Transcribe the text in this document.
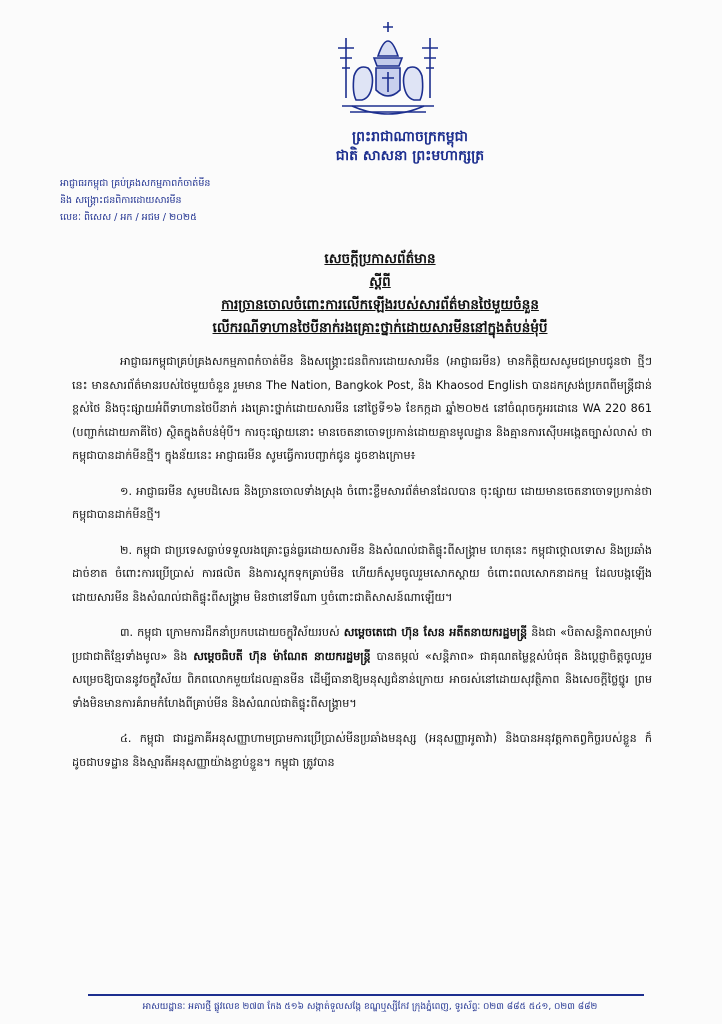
ព្រះរាជាណាចក្រកម្ពុជា
ជាតិ សាសនា ព្រះមហាក្សត្រ
អាជ្ញាធរកម្ពុជា គ្រប់គ្រងសកម្មភាពកំចាត់មីន
និង សង្គ្រោះជនពិការដោយសារមីន
លេខៈ ពិសេស / អក / អជម / ២០២៥
សេចក្តីប្រកាសព័ត៌មាន
ស្តីពី
ការច្រានចោលចំពោះការលើកឡើងរបស់សារព័ត៌មានថៃមួយចំនួន
លើករណីទាហានថៃបីនាក់រងគ្រោះថ្នាក់ដោយសារមីននៅក្នុងតំបន់មុំបី

អាជ្ញាធរកម្ពុជាគ្រប់គ្រងសកម្មភាពកំចាត់មីន និងសង្គ្រោះជនពិការដោយសារមីន (អាជ្ញាធរមីន) មានកិត្តិយសសូមជម្រាបជូនថា ថ្មីៗនេះ មានសារព័ត៌មានរបស់ថៃមួយចំនួន រួមមាន The Nation, Bangkok Post, និង Khaosod English បានដកស្រង់ប្រភពពីមន្ត្រីជាន់ខ្ពស់ថៃ និងចុះផ្សាយអំពីទាហានថៃបីនាក់ រងគ្រោះថ្នាក់ដោយសារមីន នៅថ្ងៃទី១៦ ខែកក្កដា ឆ្នាំ២០២៥ នៅចំណុចកូអរដោនេ WA 220 861 (បញ្ជាក់ដោយភាគីថៃ) ស្ថិតក្នុងតំបន់មុំបី។ ការចុះផ្សាយនោះ មានចេតនាចោទប្រកាន់ដោយគ្មានមូលដ្ឋាន និងគ្មានការស៊ើបអង្កេតច្បាស់លាស់ ថាកម្ពុជាបានដាក់មីនថ្មី។ ក្នុងន័យនេះ អាជ្ញាធរមីន សូមធ្វើការបញ្ជាក់ជូន ដូចខាងក្រោម៖

១. អាជ្ញាធរមីន សូមបដិសេធ និងច្រានចោលទាំងស្រុង ចំពោះខ្លឹមសារព័ត៌មានដែលបាន ចុះផ្សាយ ដោយមានចេតនាចោទប្រកាន់ថា កម្ពុជាបានដាក់មីនថ្មី។

២. កម្ពុជា ជាប្រទេសធ្លាប់ទទួលរងគ្រោះធ្ងន់ធ្ងរដោយសារមីន និងសំណល់ជាតិផ្ទុះពីសង្គ្រាម ហេតុនេះ កម្ពុជាថ្កោលទោស និងប្រឆាំងដាច់ខាត ចំពោះការប្រើប្រាស់ ការផលិត និងការស្តុកទុកគ្រាប់មីន ហើយក៏សូមចូលរួមសោកស្តាយ ចំពោះពលសោកនាដកម្ម ដែលបង្កឡើងដោយសារមីន និងសំណល់ជាតិផ្ទុះពីសង្គ្រាម មិនថានៅទីណា ឬចំពោះជាតិសាសន៍ណាឡើយ។

៣. កម្ពុជា ក្រោមការដឹកនាំប្រកបដោយចក្ខុវិស័យរបស់ សម្តេចតេជោ ហ៊ុន សែន អតីតនាយករដ្ឋមន្ត្រី និងជា «បិតាសន្តិភាពសម្រាប់ប្រជាជាតិខ្មែរទាំងមូល» និង សម្តេចធិបតី ហ៊ុន ម៉ាណែត នាយករដ្ឋមន្ត្រី បានតម្កល់ «សន្តិភាព» ជាគុណតម្លៃខ្ពស់បំផុត និងប្តេជ្ញាចិត្តចូលរួមសម្រេចឱ្យបាននូវចក្ខុវិស័យ ពិភពលោកមួយដែលគ្មានមីន ដើម្បីធានាឱ្យមនុស្សជំនាន់ក្រោយ អាចរស់នៅដោយសុវត្ថិភាព និងសេចក្តីថ្លៃថ្នូរ ព្រមទាំងមិនមានការគំរាមកំហែងពីគ្រាប់មីន និងសំណល់ជាតិផ្ទុះពីសង្គ្រាម។

៤. កម្ពុជា ជារដ្ឋភាគីអនុសញ្ញាហាមប្រាមការប្រើប្រាស់មីនប្រឆាំងមនុស្ស (អនុសញ្ញាអូតាវ៉ា) និងបានអនុវត្តកាតព្វកិច្ចរបស់ខ្លួន ក៏ដូចជាបទដ្ឋាន និងស្មារតីអនុសញ្ញាយ៉ាងខ្ជាប់ខ្ជួន។ កម្ពុជា ត្រូវបាន

អាសយដ្ឋានៈ អគារថ្មី ផ្លូវលេខ ២៧៣ កែង ៥១៦ សង្កាត់ទួលសង្កែ ខណ្ឌឬស្សីកែវ ក្រុងភ្នំពេញ, ទូរស័ព្ទៈ ០២៣ ៨៨៥ ៥៤១, ០២៣ ៨៨២
